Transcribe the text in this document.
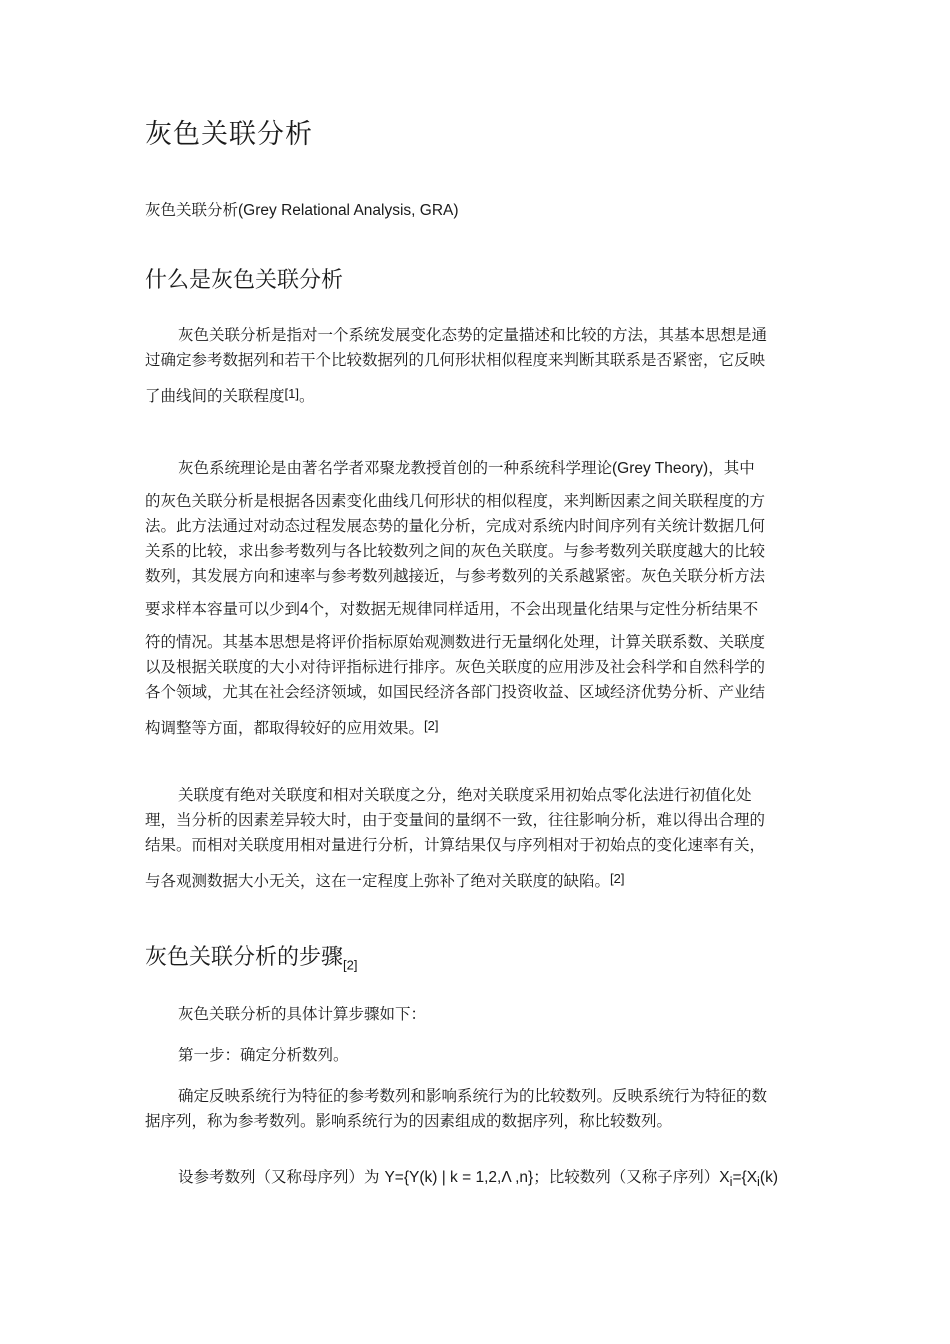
灰色关联分析

灰色关联分析(Grey Relational Analysis, GRA)

什么是灰色关联分析
灰色关联分析是指对一个系统发展变化态势的定量描述和比较的方法，其基本思想是通
过确定参考数据列和若干个比较数据列的几何形状相似程度来判断其联系是否紧密，它反映
了曲线间的关联程度[1]。
灰色系统理论是由著名学者邓聚龙教授首创的一种系统科学理论(Grey Theory)，其中
的灰色关联分析是根据各因素变化曲线几何形状的相似程度，来判断因素之间关联程度的方
法。此方法通过对动态过程发展态势的量化分析，完成对系统内时间序列有关统计数据几何
关系的比较，求出参考数列与各比较数列之间的灰色关联度。与参考数列关联度越大的比较
数列，其发展方向和速率与参考数列越接近，与参考数列的关系越紧密。灰色关联分析方法
要求样本容量可以少到4个，对数据无规律同样适用，不会出现量化结果与定性分析结果不
符的情况。其基本思想是将评价指标原始观测数进行无量纲化处理，计算关联系数、关联度
以及根据关联度的大小对待评指标进行排序。灰色关联度的应用涉及社会科学和自然科学的
各个领域，尤其在社会经济领域，如国民经济各部门投资收益、区域经济优势分析、产业结
构调整等方面，都取得较好的应用效果。[2]
关联度有绝对关联度和相对关联度之分，绝对关联度采用初始点零化法进行初值化处
理，当分析的因素差异较大时，由于变量间的量纲不一致，往往影响分析，难以得出合理的
结果。而相对关联度用相对量进行分析，计算结果仅与序列相对于初始点的变化速率有关，
与各观测数据大小无关，这在一定程度上弥补了绝对关联度的缺陷。[2]
灰色关联分析的步骤$_{[2]}$
灰色关联分析的具体计算步骤如下：
第一步：确定分析数列。
确定反映系统行为特征的参考数列和影响系统行为的比较数列。反映系统行为特征的数
据序列，称为参考数列。影响系统行为的因素组成的数据序列，称比较数列。
设参考数列（又称母序列）为 Y={Y(k) | k = 1,2,Λ ,n}；比较数列（又称子序列）$X_i=\{X_i(k)$
